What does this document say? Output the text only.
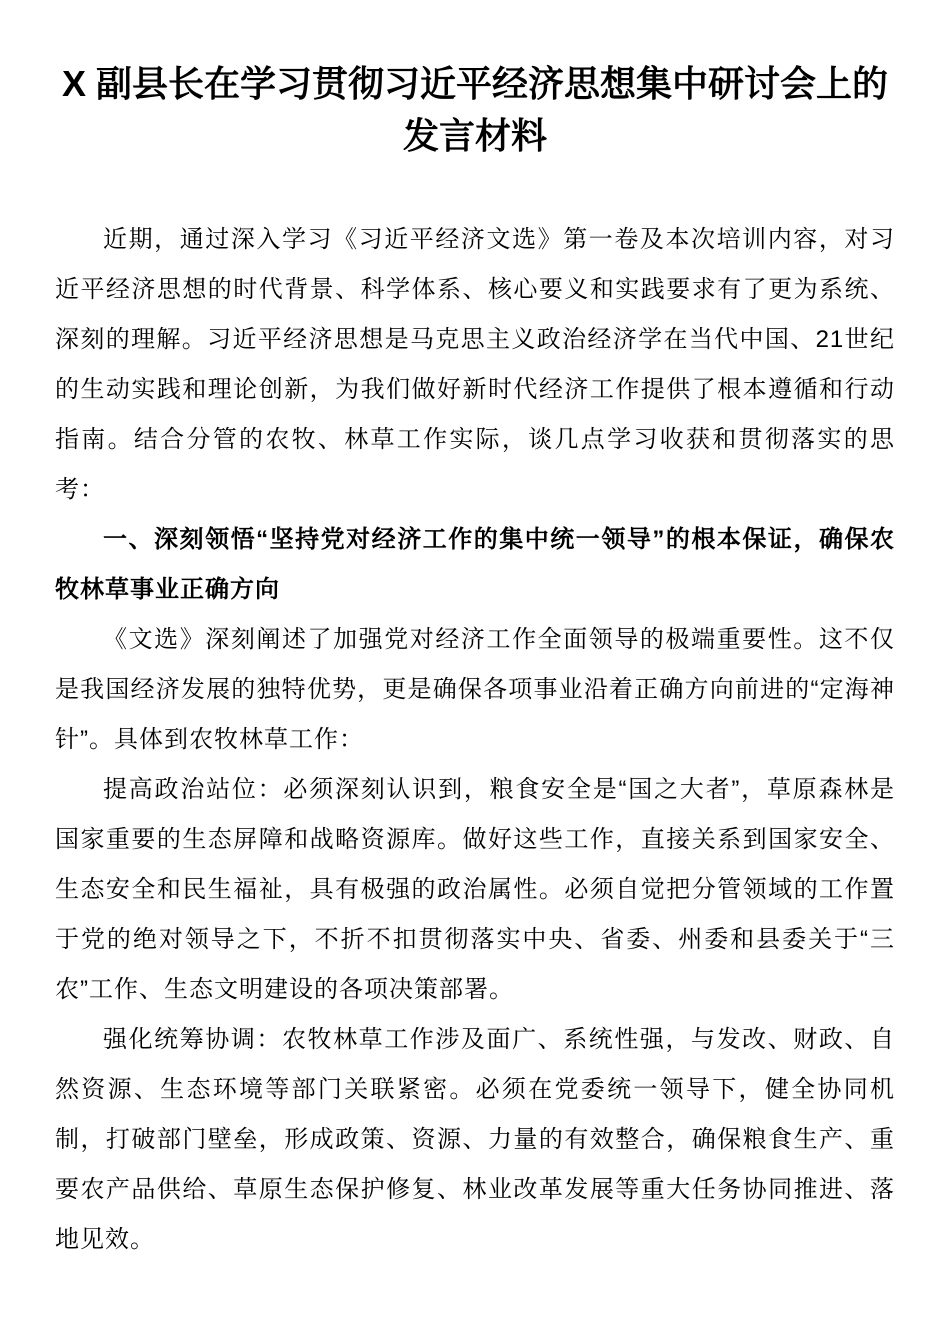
X 副县长在学习贯彻习近平经济思想集中研讨会上的发言材料

近期，通过深入学习《习近平经济文选》第一卷及本次培训内容，对习近平经济思想的时代背景、科学体系、核心要义和实践要求有了更为系统、深刻的理解。习近平经济思想是马克思主义政治经济学在当代中国、21世纪的生动实践和理论创新，为我们做好新时代经济工作提供了根本遵循和行动指南。结合分管的农牧、林草工作实际，谈几点学习收获和贯彻落实的思考：

一、深刻领悟“坚持党对经济工作的集中统一领导”的根本保证，确保农牧林草事业正确方向

《文选》深刻阐述了加强党对经济工作全面领导的极端重要性。这不仅是我国经济发展的独特优势，更是确保各项事业沿着正确方向前进的“定海神针”。具体到农牧林草工作：

提高政治站位：必须深刻认识到，粮食安全是“国之大者”，草原森林是国家重要的生态屏障和战略资源库。做好这些工作，直接关系到国家安全、生态安全和民生福祉，具有极强的政治属性。必须自觉把分管领域的工作置于党的绝对领导之下，不折不扣贯彻落实中央、省委、州委和县委关于“三农”工作、生态文明建设的各项决策部署。

强化统筹协调：农牧林草工作涉及面广、系统性强，与发改、财政、自然资源、生态环境等部门关联紧密。必须在党委统一领导下，健全协同机制，打破部门壁垒，形成政策、资源、力量的有效整合，确保粮食生产、重要农产品供给、草原生态保护修复、林业改革发展等重大任务协同推进、落地见效。
